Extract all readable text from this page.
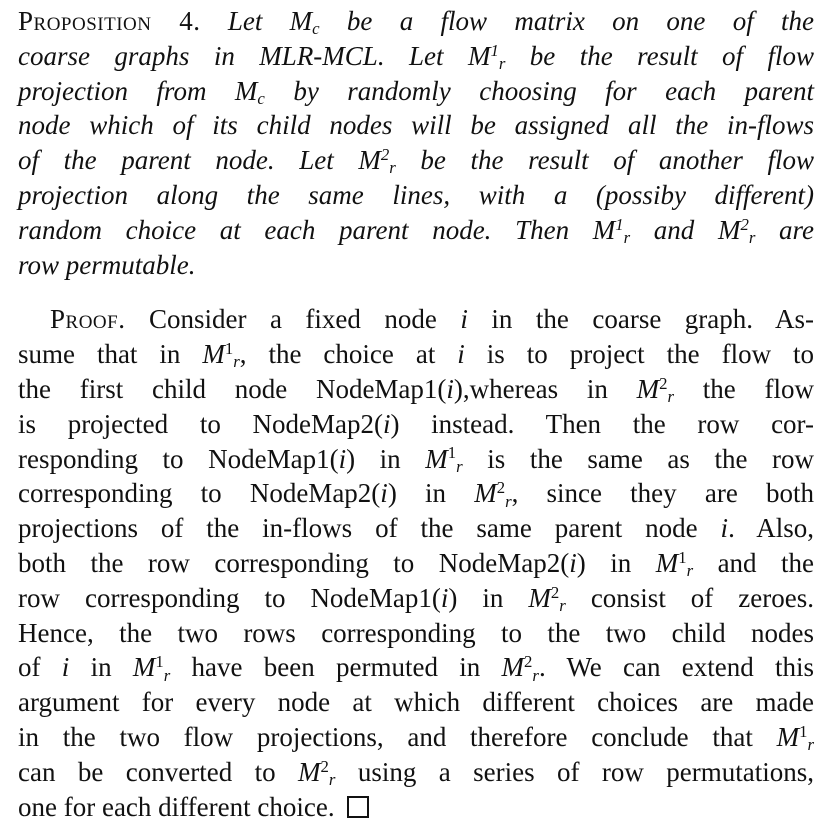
Proposition 4. Let $M_c$ be a flow matrix on one of the
coarse graphs in MLR-MCL. Let $M^1_r$ be the result of flow
projection from $M_c$ by randomly choosing for each parent
node which of its child nodes will be assigned all the in-flows
of the parent node. Let $M^2_r$ be the result of another flow
projection along the same lines, with a (possiby different)
random choice at each parent node. Then $M^1_r$ and $M^2_r$ are
row permutable.
Proof. Consider a fixed node i in the coarse graph. As-
sume that in $M^1_r$, the choice at i is to project the flow to
the first child node NodeMap1(i),whereas in $M^2_r$ the flow
is projected to NodeMap2(i) instead. Then the row cor-
responding to NodeMap1(i) in $M^1_r$ is the same as the row
corresponding to NodeMap2(i) in $M^2_r$, since they are both
projections of the in-flows of the same parent node i. Also,
both the row corresponding to NodeMap2(i) in $M^1_r$ and the
row corresponding to NodeMap1(i) in $M^2_r$ consist of zeroes.
Hence, the two rows corresponding to the two child nodes
of i in $M^1_r$ have been permuted in $M^2_r$. We can extend this
argument for every node at which different choices are made
in the two flow projections, and therefore conclude that $M^1_r$
can be converted to $M^2_r$ using a series of row permutations,
one for each different choice.
